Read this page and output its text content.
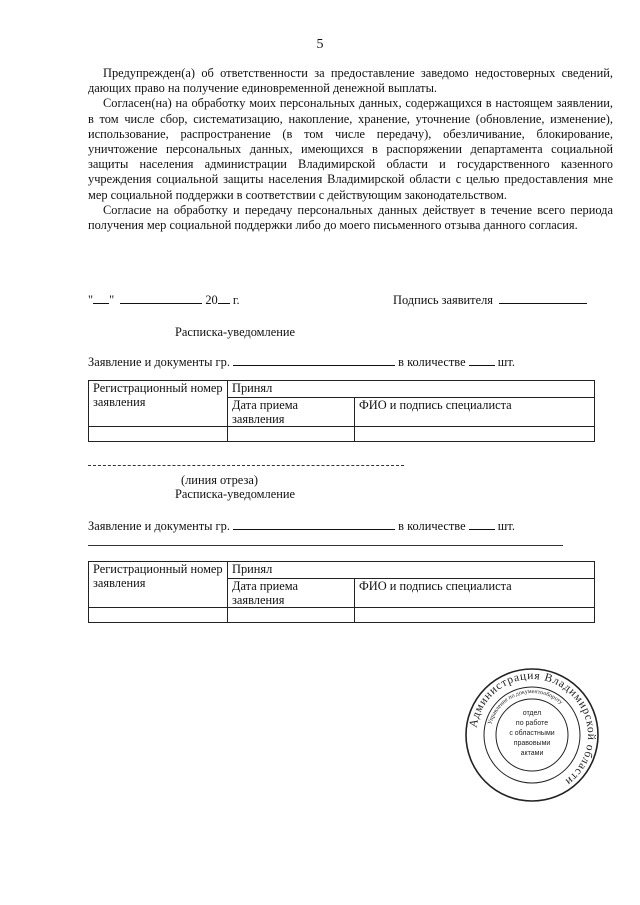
5

Предупрежден(а) об ответственности за предоставление заведомо недостоверных сведений, дающих право на получение единовременной денежной выплаты.

Согласен(на) на обработку моих персональных данных, содержащихся в настоящем заявлении, в том числе сбор, систематизацию, накопление, хранение, уточнение (обновление, изменение), использование, распространение (в том числе передачу), обезличивание, блокирование, уничтожение персональных данных, имеющихся в распоряжении департамента социальной защиты населения администрации Владимирской области и государственного казенного учреждения социальной защиты населения Владимирской области с целью предоставления мне мер социальной поддержки в соответствии с действующим законодательством.

Согласие на обработку и передачу персональных данных действует в течение всего периода получения мер социальной поддержки либо до моего письменного отзыва данного согласия.

" "	20 г.	Подпись заявителя
Расписка-уведомление
Заявление и документы гр.	в количестве	шт.
Регистрационный номер заявления	Принял	
	Дата приема заявления	ФИО и подпись специалиста

(линия отреза)
Расписка-уведомление
Заявление и документы гр.	в количестве	шт.
Регистрационный номер заявления	Принял	
	Дата приема заявления	ФИО и подпись специалиста

Администрация Владимирской области
Управление по документообороту
отдел
по работе
с областными
правовыми
актами
